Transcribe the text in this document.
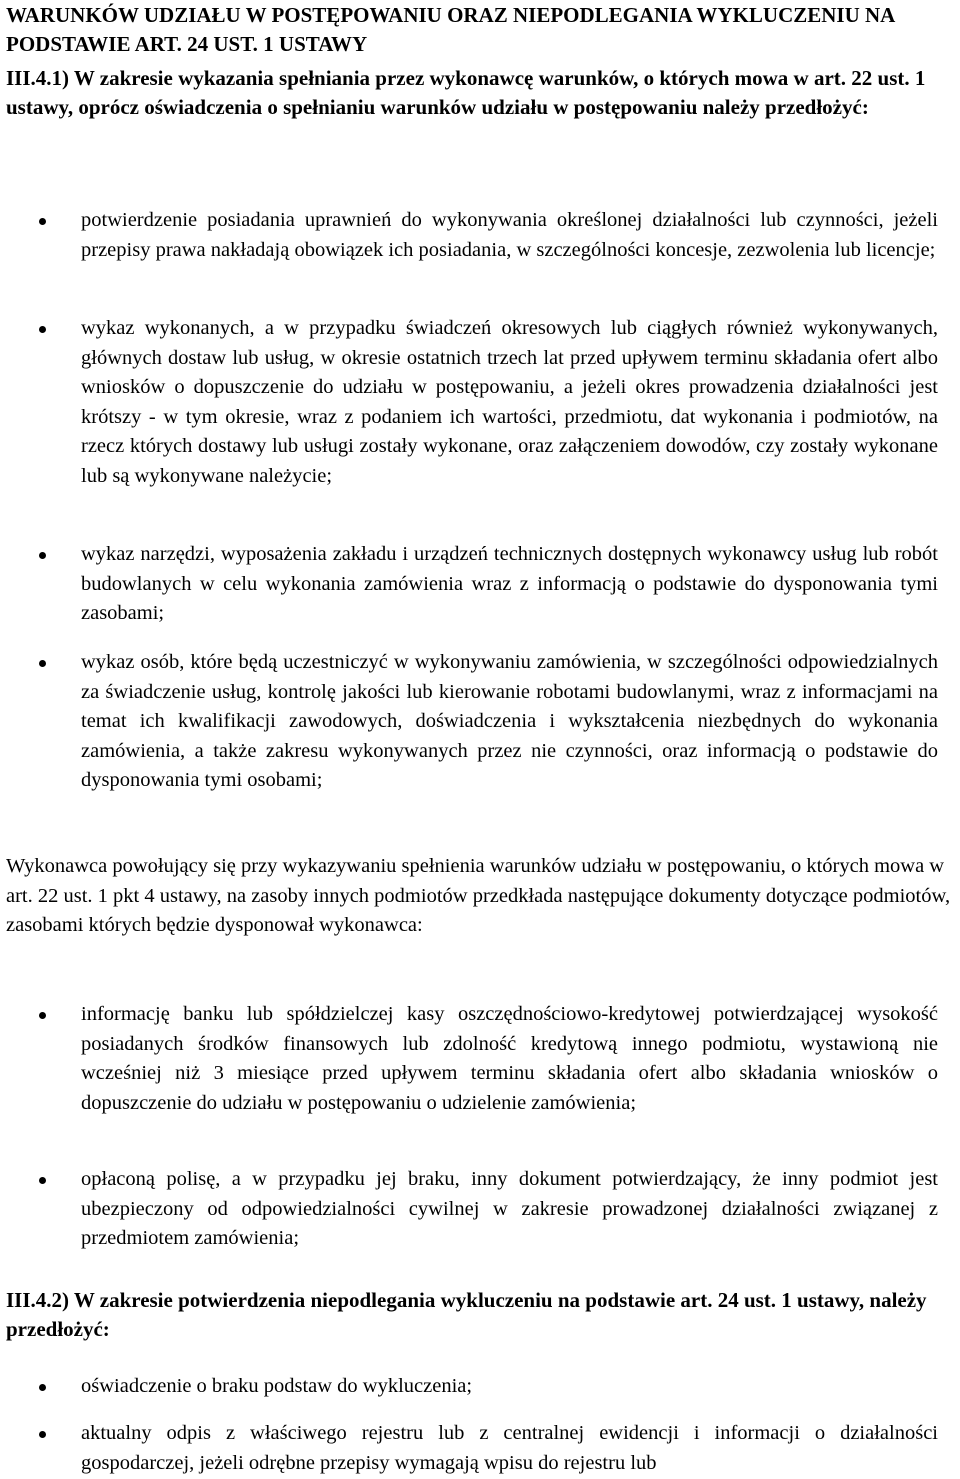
WARUNKÓW UDZIAŁU W POSTĘPOWANIU ORAZ NIEPODLEGANIA WYKLUCZENIU NA PODSTAWIE ART. 24 UST. 1 USTAWY
III.4.1) W zakresie wykazania spełniania przez wykonawcę warunków, o których mowa w art. 22 ust. 1 ustawy, oprócz oświadczenia o spełnianiu warunków udziału w postępowaniu należy przedłożyć:
potwierdzenie posiadania uprawnień do wykonywania określonej działalności lub czynności, jeżeli przepisy prawa nakładają obowiązek ich posiadania, w szczególności koncesje, zezwolenia lub licencje;
wykaz wykonanych, a w przypadku świadczeń okresowych lub ciągłych również wykonywanych, głównych dostaw lub usług, w okresie ostatnich trzech lat przed upływem terminu składania ofert albo wniosków o dopuszczenie do udziału w postępowaniu, a jeżeli okres prowadzenia działalności jest krótszy - w tym okresie, wraz z podaniem ich wartości, przedmiotu, dat wykonania i podmiotów, na rzecz których dostawy lub usługi zostały wykonane, oraz załączeniem dowodów, czy zostały wykonane lub są wykonywane należycie;
wykaz narzędzi, wyposażenia zakładu i urządzeń technicznych dostępnych wykonawcy usług lub robót budowlanych w celu wykonania zamówienia wraz z informacją o podstawie do dysponowania tymi zasobami;
wykaz osób, które będą uczestniczyć w wykonywaniu zamówienia, w szczególności odpowiedzialnych za świadczenie usług, kontrolę jakości lub kierowanie robotami budowlanymi, wraz z informacjami na temat ich kwalifikacji zawodowych, doświadczenia i wykształcenia niezbędnych do wykonania zamówienia, a także zakresu wykonywanych przez nie czynności, oraz informacją o podstawie do dysponowania tymi osobami;

Wykonawca powołujący się przy wykazywaniu spełnienia warunków udziału w postępowaniu, o których mowa w art. 22 ust. 1 pkt 4 ustawy, na zasoby innych podmiotów przedkłada następujące dokumenty dotyczące podmiotów, zasobami których będzie dysponował wykonawca:

informację banku lub spółdzielczej kasy oszczędnościowo-kredytowej potwierdzającej wysokość posiadanych środków finansowych lub zdolność kredytową innego podmiotu, wystawioną nie wcześniej niż 3 miesiące przed upływem terminu składania ofert albo składania wniosków o dopuszczenie do udziału w postępowaniu o udzielenie zamówienia;
opłaconą polisę, a w przypadku jej braku, inny dokument potwierdzający, że inny podmiot jest ubezpieczony od odpowiedzialności cywilnej w zakresie prowadzonej działalności związanej z przedmiotem zamówienia;
III.4.2) W zakresie potwierdzenia niepodlegania wykluczeniu na podstawie art. 24 ust. 1 ustawy, należy przedłożyć:
oświadczenie o braku podstaw do wykluczenia;
aktualny odpis z właściwego rejestru lub z centralnej ewidencji i informacji o działalności gospodarczej, jeżeli odrębne przepisy wymagają wpisu do rejestru lub
